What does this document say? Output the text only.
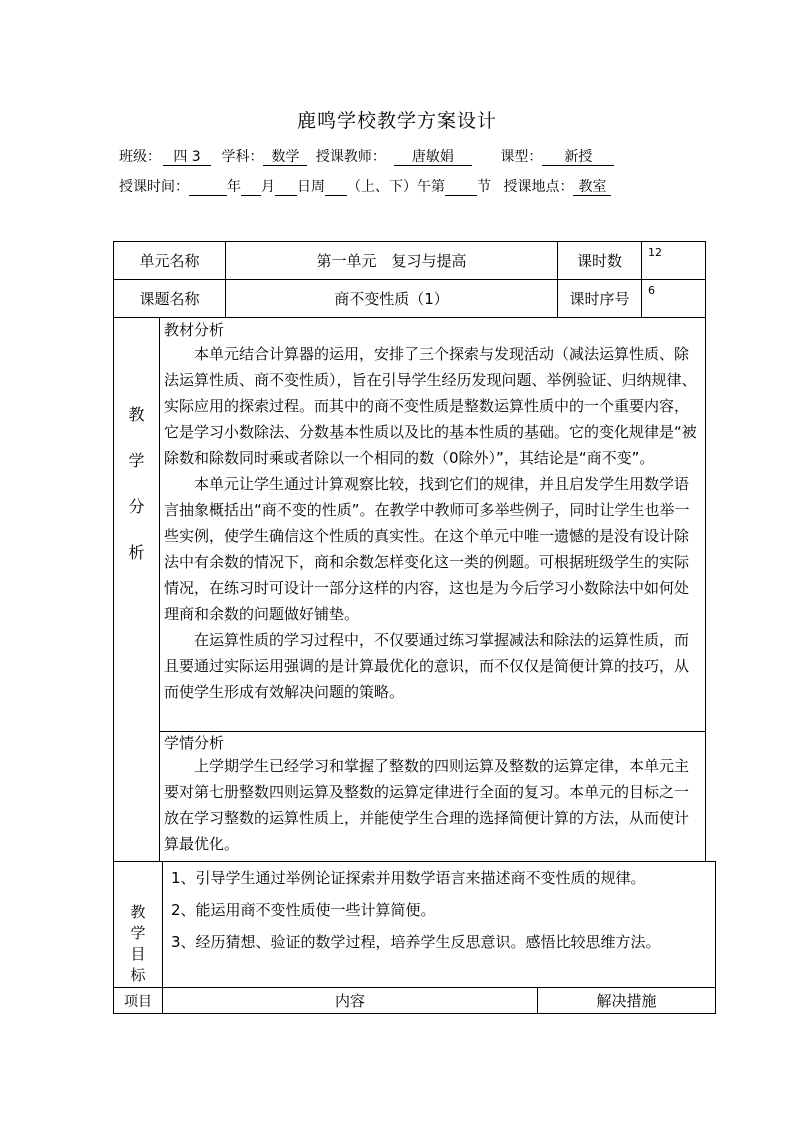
鹿鸣学校教学方案设计
班级： 四 3 学科： 数学 授课教师： 唐敏娟	课型： 新授
授课时间：	年 月 日周 （上、下）午第 节 授课地点： 教室
单元名称	第一单元　复习与提高	课时数	12
课题名称	商不变性质（1）	课时序号	6
教
学
分
析
教材分析

本单元结合计算器的运用，安排了三个探索与发现活动（减法运算性质、除法运算性质、商不变性质），旨在引导学生经历发现问题、举例验证、归纳规律、实际应用的探索过程。而其中的商不变性质是整数运算性质中的一个重要内容，它是学习小数除法、分数基本性质以及比的基本性质的基础。它的变化规律是“被除数和除数同时乘或者除以一个相同的数（0除外）”，其结论是“商不变”。

本单元让学生通过计算观察比较，找到它们的规律，并且启发学生用数学语言抽象概括出“商不变的性质”。在教学中教师可多举些例子，同时让学生也举一些实例，使学生确信这个性质的真实性。在这个单元中唯一遗憾的是没有设计除法中有余数的情况下，商和余数怎样变化这一类的例题。可根据班级学生的实际情况，在练习时可设计一部分这样的内容，这也是为今后学习小数除法中如何处理商和余数的问题做好铺垫。

在运算性质的学习过程中，不仅要通过练习掌握减法和除法的运算性质，而且要通过实际运用强调的是计算最优化的意识，而不仅仅是简便计算的技巧，从而使学生形成有效解决问题的策略。

学情分析

上学期学生已经学习和掌握了整数的四则运算及整数的运算定律，本单元主要对第七册整数四则运算及整数的运算定律进行全面的复习。本单元的目标之一放在学习整数的运算性质上，并能使学生合理的选择简便计算的方法，从而使计算最优化。

教
学
目
标
1、引导学生通过举例论证探索并用数学语言来描述商不变性质的规律。
2、能运用商不变性质使一些计算简便。
3、经历猜想、验证的数学过程，培养学生反思意识。感悟比较思维方法。
项目	内容	解决措施
